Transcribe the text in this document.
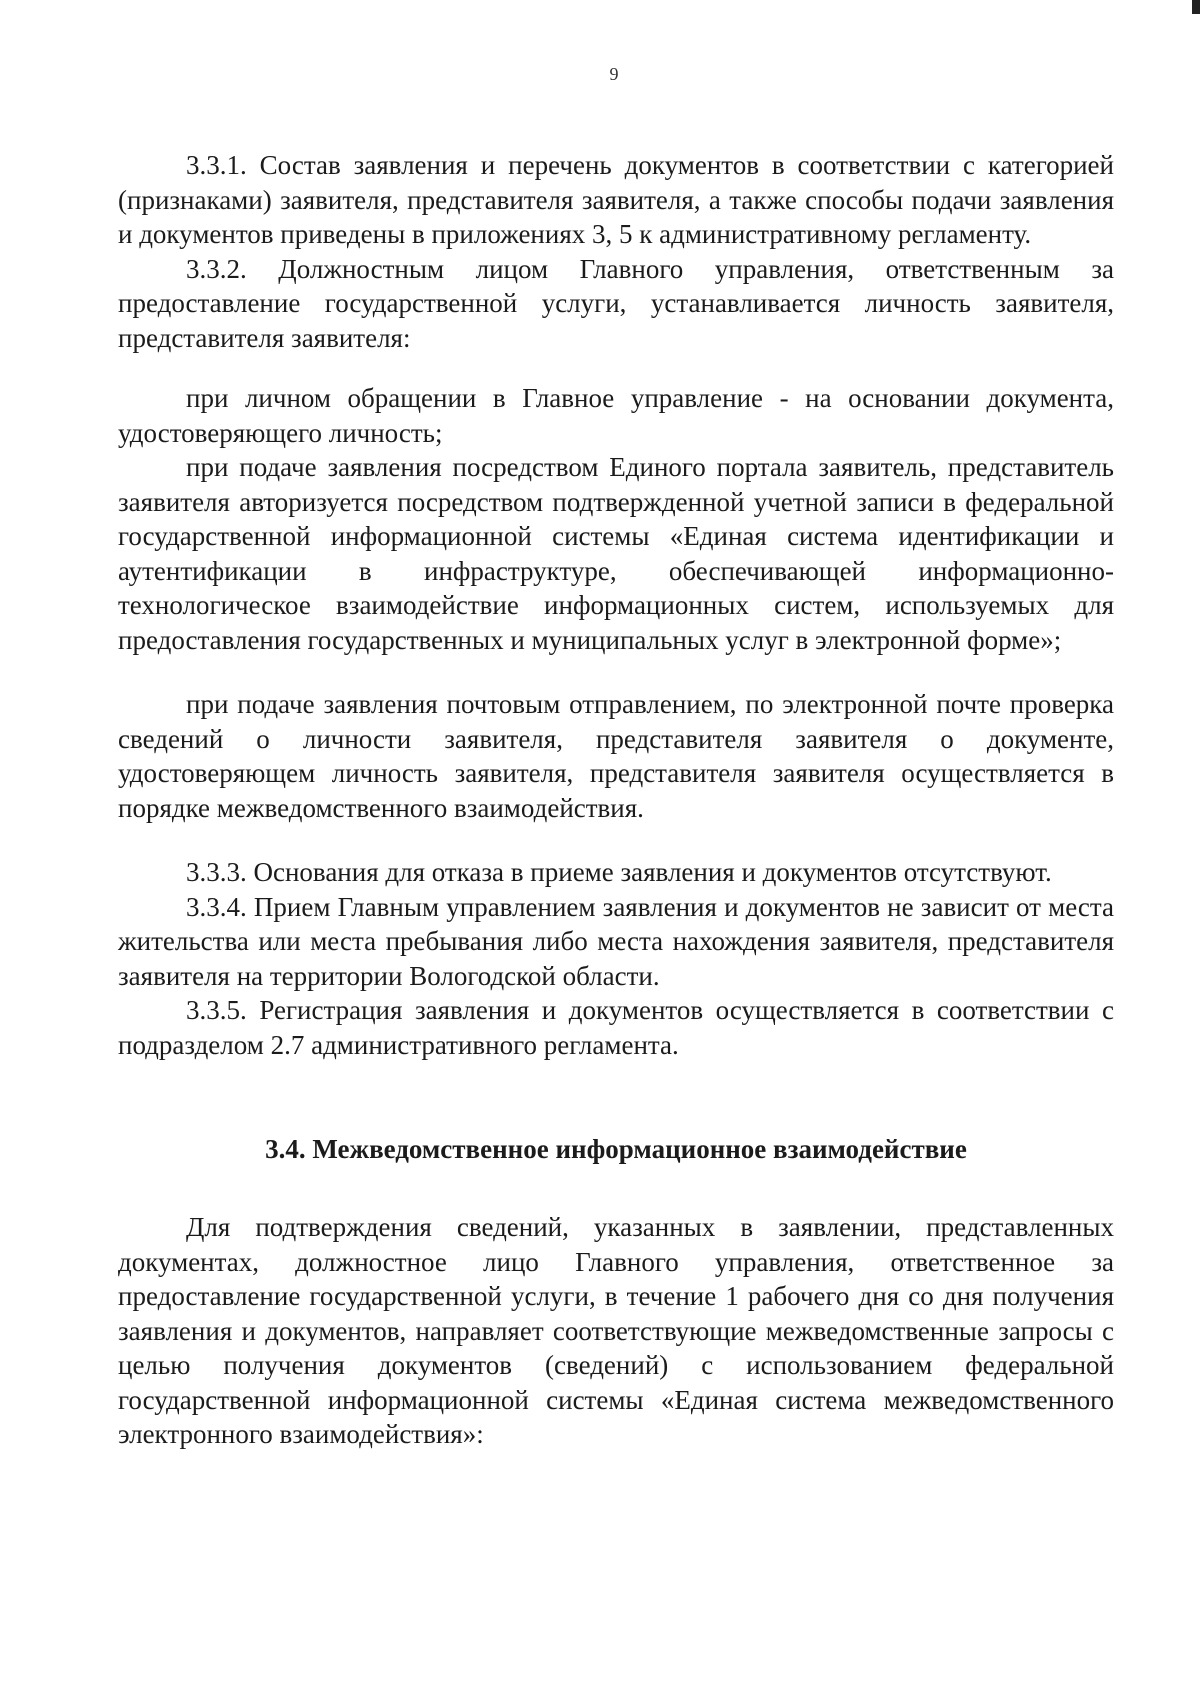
9

3.3.1. Состав заявления и перечень документов в соответствии с категорией (признаками) заявителя, представителя заявителя, а также способы подачи заявления и документов приведены в приложениях 3, 5 к административному регламенту.

3.3.2. Должностным лицом Главного управления, ответственным за предоставление государственной услуги, устанавливается личность заявителя, представителя заявителя:

при личном обращении в Главное управление - на основании документа, удостоверяющего личность;

при подаче заявления посредством Единого портала заявитель, представитель заявителя авторизуется посредством подтвержденной учетной записи в федеральной государственной информационной системы «Единая система идентификации и аутентификации в инфраструктуре, обеспечивающей информационно-технологическое взаимодействие информационных систем, используемых для предоставления государственных и муниципальных услуг в электронной форме»;

при подаче заявления почтовым отправлением, по электронной почте проверка сведений о личности заявителя, представителя заявителя о документе, удостоверяющем личность заявителя, представителя заявителя осуществляется в порядке межведомственного взаимодействия.

3.3.3. Основания для отказа в приеме заявления и документов отсутствуют.

3.3.4. Прием Главным управлением заявления и документов не зависит от места жительства или места пребывания либо места нахождения заявителя, представителя заявителя на территории Вологодской области.

3.3.5. Регистрация заявления и документов осуществляется в соответствии с подразделом 2.7 административного регламента.

3.4. Межведомственное информационное взаимодействие

Для подтверждения сведений, указанных в заявлении, представленных документах, должностное лицо Главного управления, ответственное за предоставление государственной услуги, в течение 1 рабочего дня со дня получения заявления и документов, направляет соответствующие межведомственные запросы с целью получения документов (сведений) с использованием федеральной государственной информационной системы «Единая система межведомственного электронного взаимодействия»:
